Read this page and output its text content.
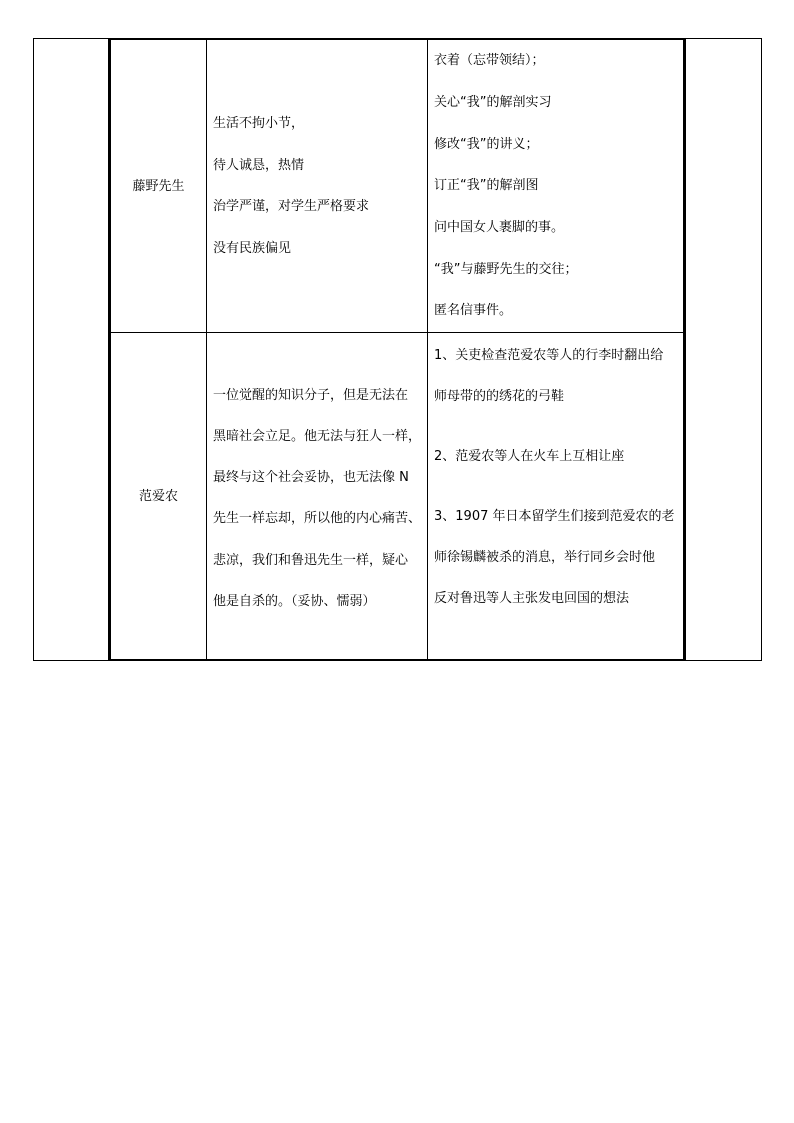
藤野先生
生活不拘小节，
待人诚恳，热情
治学严谨，对学生严格要求
没有民族偏见
衣着（忘带领结）；
关心“我”的解剖实习
修改“我”的讲义；
订正“我”的解剖图
问中国女人裹脚的事。
“我”与藤野先生的交往；
匿名信事件。
范爱农
一位觉醒的知识分子，但是无法在
黑暗社会立足。他无法与狂人一样，
最终与这个社会妥协，也无法像 N
先生一样忘却，所以他的内心痛苦、
悲凉，我们和鲁迅先生一样，疑心
他是自杀的。（妥协、懦弱）
1、关吏检查范爱农等人的行李时翻出给
师母带的的绣花的弓鞋
2、范爱农等人在火车上互相让座
3、1907 年日本留学生们接到范爱农的老
师徐锡麟被杀的消息，举行同乡会时他
反对鲁迅等人主张发电回国的想法
